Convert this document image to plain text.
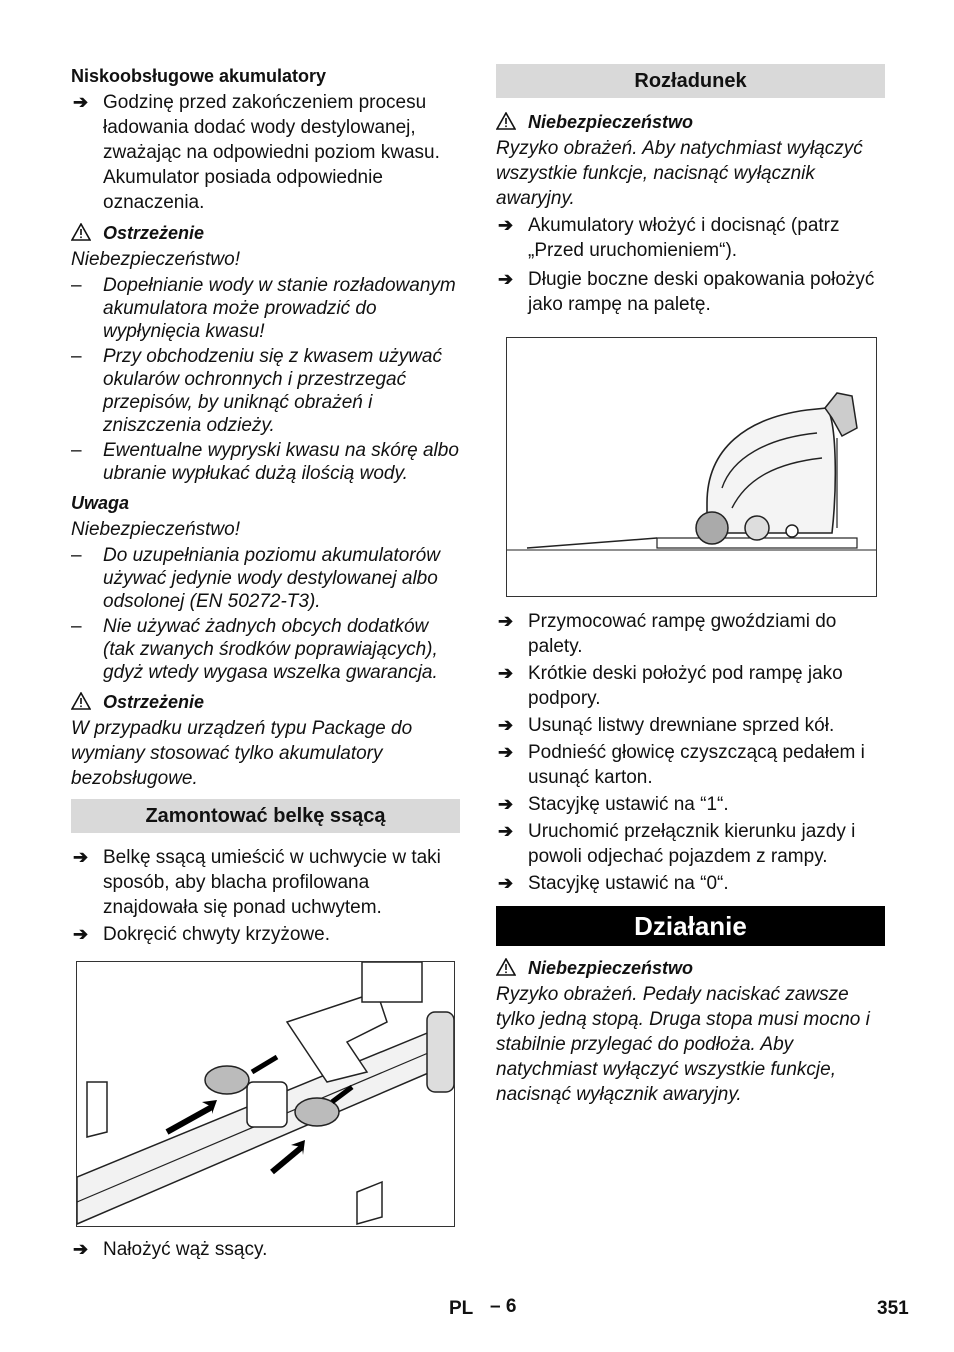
Niskoobsługowe akumulatory
➔ Godzinę przed zakończeniem procesu ładowania dodać wody destylowanej, zważając na odpowiedni poziom kwasu. Akumulator posiada odpowiednie oznaczenia.
Ostrzeżenie
Niebezpieczeństwo!
– Dopełnianie wody w stanie rozładowanym akumulatora może prowadzić do wypłynięcia kwasu!
– Przy obchodzeniu się z kwasem używać okularów ochronnych i przestrzegać przepisów, by uniknąć obrażeń i zniszczenia odzieży.
– Ewentualne wypryski kwasu na skórę albo ubranie wypłukać dużą ilością wody.
Uwaga
Niebezpieczeństwo!
– Do uzupełniania poziomu akumulatorów używać jedynie wody destylowanej albo odsolonej (EN 50272-T3).
– Nie używać żadnych obcych dodatków (tak zwanych środków poprawiających), gdyż wtedy wygasa wszelka gwarancja.
Ostrzeżenie
W przypadku urządzeń typu Package do wymiany stosować tylko akumulatory bezobsługowe.
Zamontować belkę ssącą
➔ Belkę ssącą umieścić w uchwycie w taki sposób, aby blacha profilowana znajdowała się ponad uchwytem.
➔ Dokręcić chwyty krzyżowe.
➔ Nałożyć wąż ssący.
Rozładunek
Niebezpieczeństwo
Ryzyko obrażeń. Aby natychmiast wyłączyć wszystkie funkcje, nacisnąć wyłącznik awaryjny.
➔ Akumulatory włożyć i docisnąć (patrz „Przed uruchomieniem“).
➔ Długie boczne deski opakowania położyć jako rampę na paletę.
➔ Przymocować rampę gwoździami do palety.
➔ Krótkie deski położyć pod rampę jako podpory.
➔ Usunąć listwy drewniane sprzed kół.
➔ Podnieść głowicę czyszczącą pedałem i usunąć karton.
➔ Stacyjkę ustawić na “1“.
➔ Uruchomić przełącznik kierunku jazdy i powoli odjechać pojazdem z rampy.
➔ Stacyjkę ustawić na “0“.
Działanie
Niebezpieczeństwo
Ryzyko obrażeń. Pedały naciskać zawsze tylko jedną stopą. Druga stopa musi mocno i stabilnie przylegać do podłoża. Aby natychmiast wyłączyć wszystkie funkcje, nacisnąć wyłącznik awaryjny.
PL – 6	351
